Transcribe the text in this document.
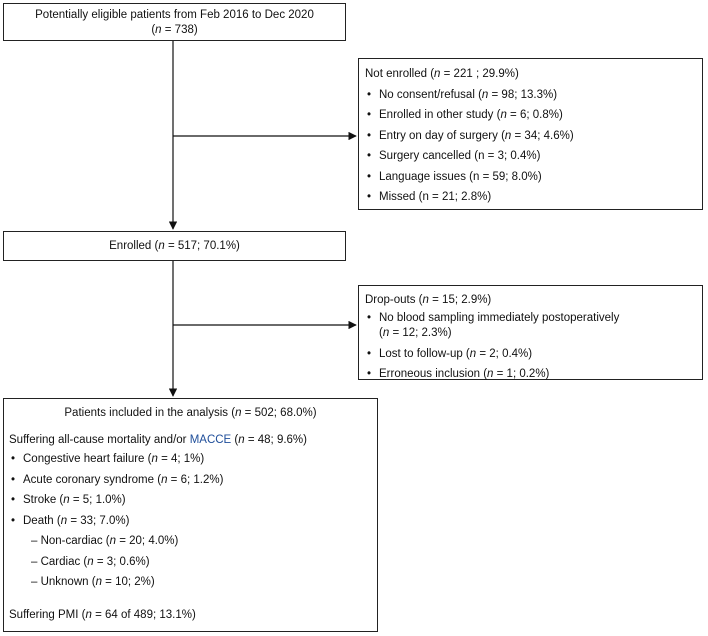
Potentially eligible patients from Feb 2016 to Dec 2020
(n = 738)
Not enrolled (n = 221 ; 29.9%)
• No consent/refusal (n = 98; 13.3%)
• Enrolled in other study (n = 6; 0.8%)
• Entry on day of surgery (n = 34; 4.6%)
• Surgery cancelled (n = 3; 0.4%)
• Language issues (n = 59; 8.0%)
• Missed (n = 21; 2.8%)
Enrolled (n = 517; 70.1%)
Drop-outs (n = 15; 2.9%)
• No blood sampling immediately postoperatively
(n = 12; 2.3%)
• Lost to follow-up (n = 2; 0.4%)
• Erroneous inclusion (n = 1; 0.2%)
Patients included in the analysis (n = 502; 68.0%)
Suffering all-cause mortality and/or MACCE (n = 48; 9.6%)
• Congestive heart failure (n = 4; 1%)
• Acute coronary syndrome (n = 6; 1.2%)
• Stroke (n = 5; 1.0%)
• Death (n = 33; 7.0%)
– Non-cardiac (n = 20; 4.0%)
– Cardiac (n = 3; 0.6%)
– Unknown (n = 10; 2%)
Suffering PMI (n = 64 of 489; 13.1%)
